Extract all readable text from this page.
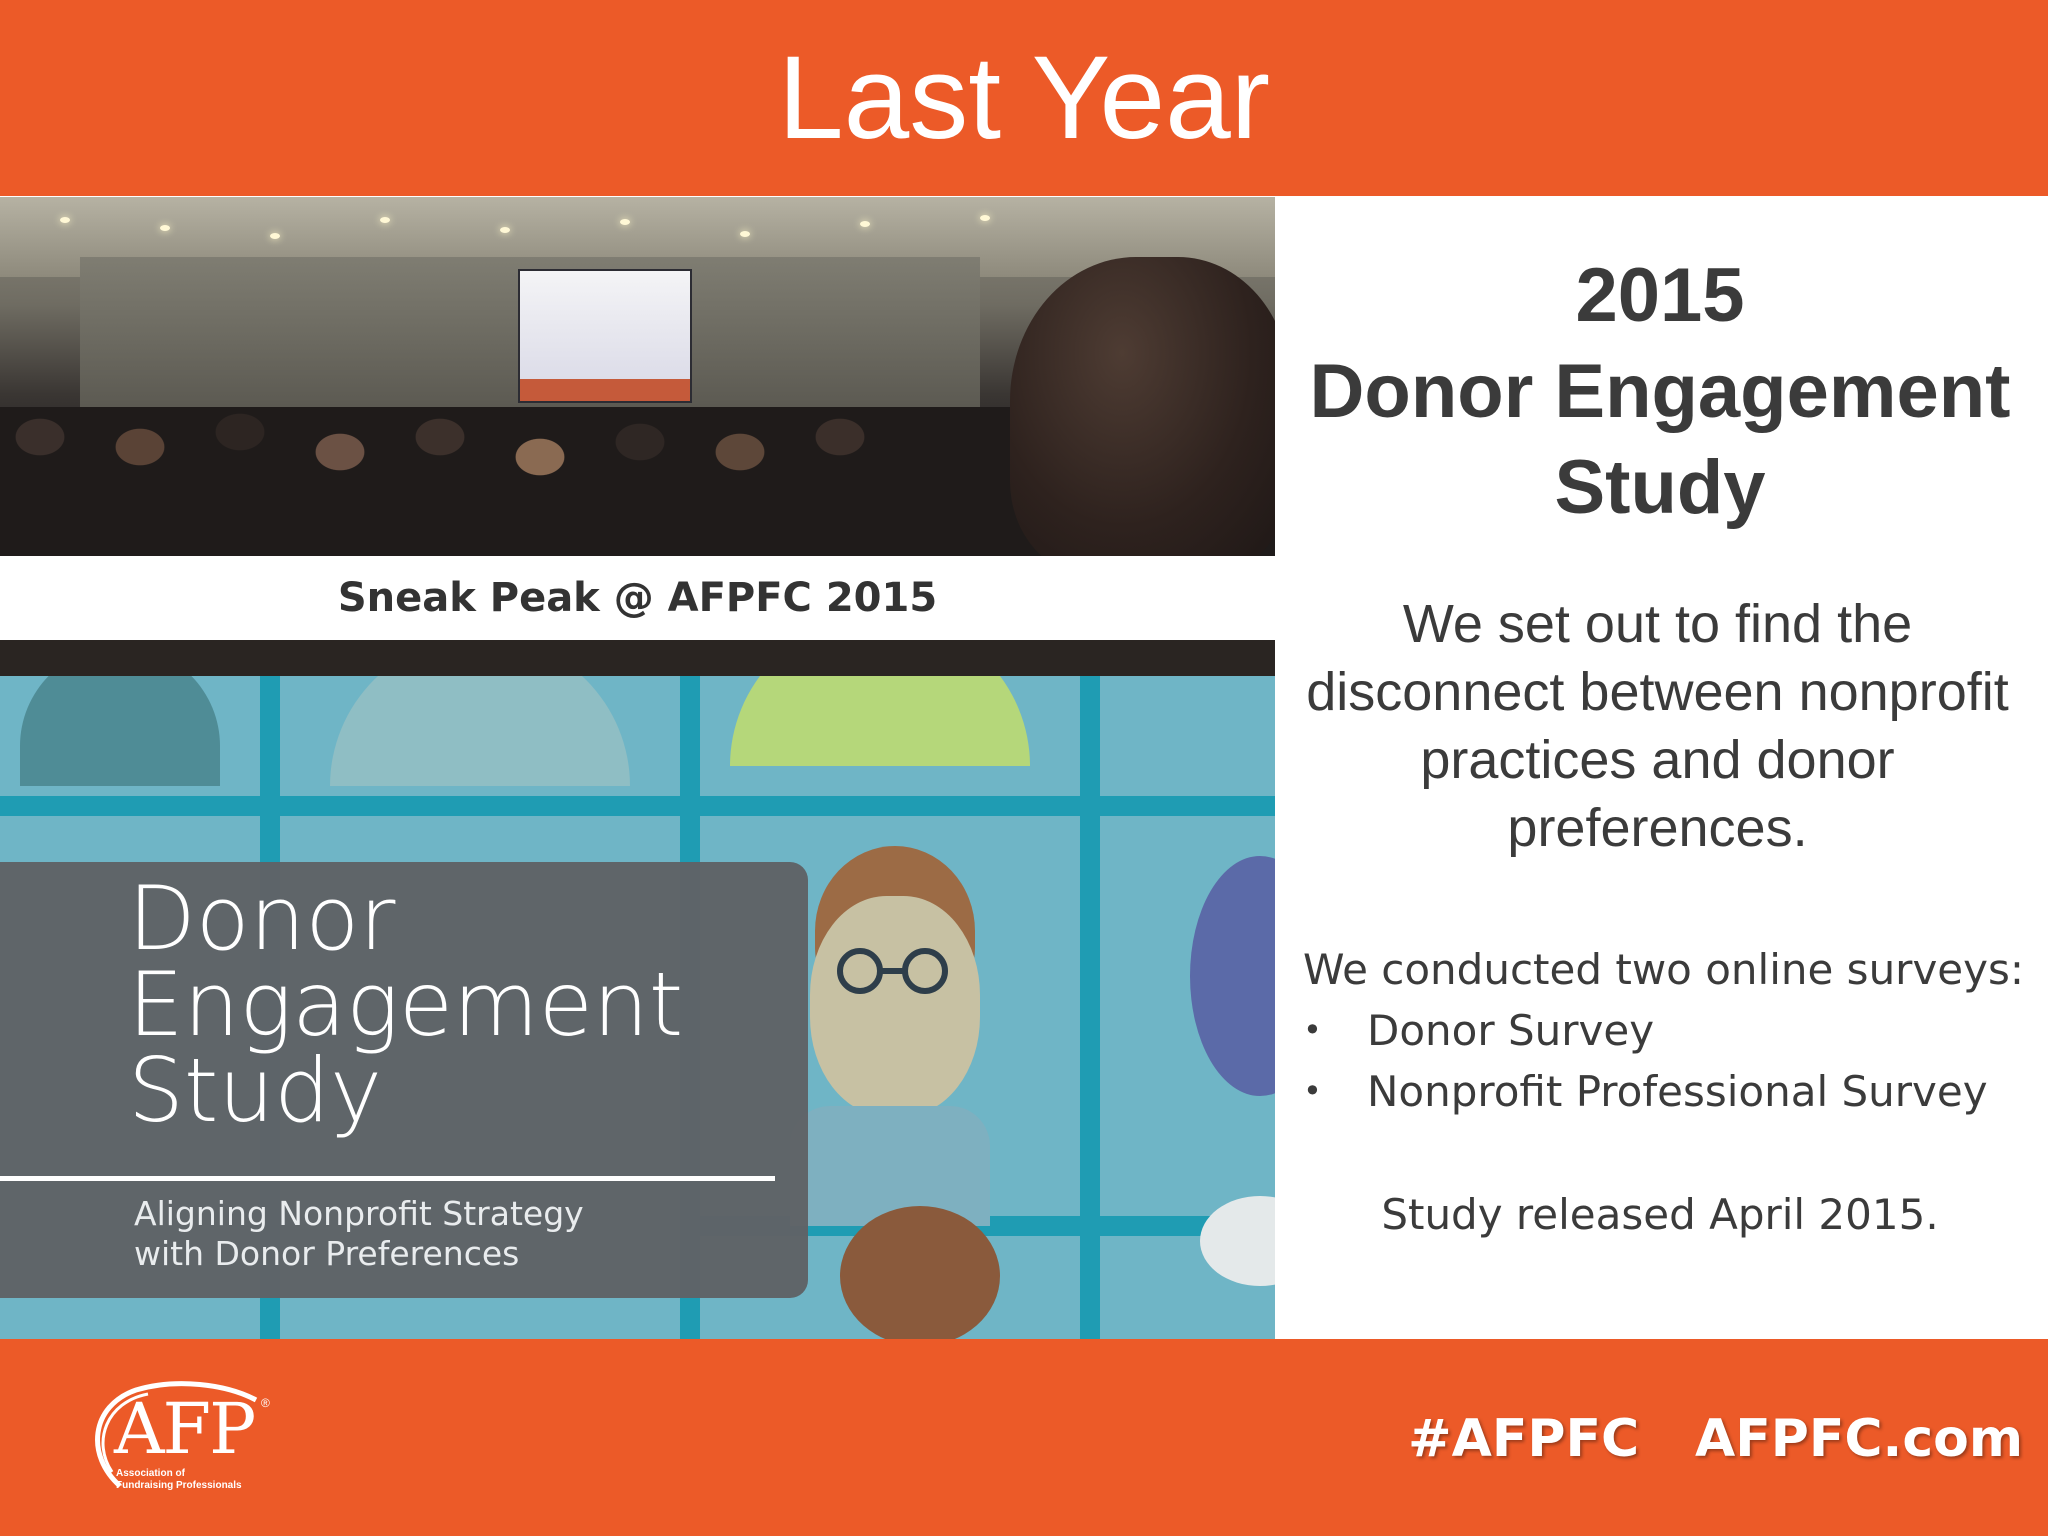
Last Year
Sneak Peak @ AFPFC 2015
Donor
Engagement
Study
Aligning Nonprofit Strategy
with Donor Preferences
2015
Donor Engagement
Study
We set out to find the disconnect between nonprofit practices and donor preferences.
We conducted two online surveys:
• Donor Survey
• Nonprofit Professional Survey
Study released April 2015.
AFP ®
Association of
Fundraising Professionals
#AFPFC AFPFC.com
